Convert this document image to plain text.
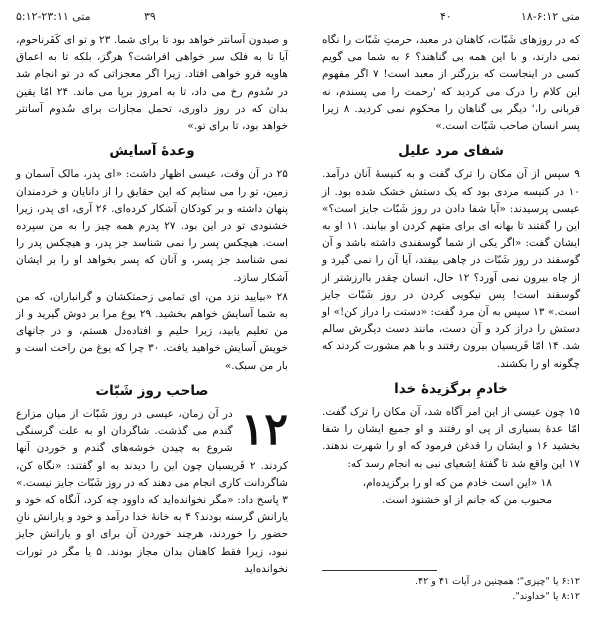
متی ۶:۱۲-۱۸
۴۰
۳۹
متی ۲۳:۱۱-۵:۱۲

که در روزهای شَبّات، کاهنان در معبد، حرمتِ شَبّات را نگاه نمی دارند، و با این همه بی گناهند؟ ۶ به شما می گویم کسی در اینجاست که بزرگتر از معبد است! ۷ اگر مفهوم این کلام را درک می کردید که 'رحمت را می پسندم، نه قربانی را،' دیگر بی گناهان را محکوم نمی کردید. ۸ زیرا پسر انسان صاحب شَبّات است.»

شفای مرد علیل

۹ سپس از آن مکان را ترک گفت و به کنیسهٔ آنان درآمد. ۱۰ در کنیسه مردی بود که یک دستش خشک شده بود. از عیسی پرسیدند: «آیا شفا دادن در روز شَبّات جایز است؟» این را گفتند تا بهانه ای برای متهم کردن او بیابند. ۱۱ او به ایشان گفت: «اگر یکی از شما گوسفندی داشته باشد و آن گوسفند در روز شَبّات در چاهی بیفتد، آیا آن را نمی گیرد و از چاه بیرون نمی آورد؟ ۱۲ حال، انسان چقدر باارزشتر از گوسفند است! پس نیکویی کردن در روز شَبّات جایز است.» ۱۳ سپس به آن مرد گفت: «دستت را دراز کن!» او دستش را دراز کرد و آن دست، مانند دست دیگرش سالم شد. ۱۴ امّا فَریسیان بیرون رفتند و با هم مشورت کردند که چگونه او را بکشند.

خادمِ برگزیدهٔ خدا

۱۵ چون عیسی از این امر آگاه شد، آن مکان را ترک گفت. امّا عدهٔ بسیاری از پی او رفتند و او جمیع ایشان را شفا بخشید ۱۶ و ایشان را قدغن فرمود که او را شهرت ندهند. ۱۷ این واقع شد تا گفتهٔ اِشعیای نبی به انجام رسد که:

۱۸ «این است خادم من که او را برگزیده‌ام،
محبوب من که جانم از او خشنود است.
۶:۱۲ یا "چیزی"؛ همچنین در آیات ۴۱ و ۴۲.
۸:۱۲ یا "خداوند".

و صیدون آسانتر خواهد بود تا برای شما. ۲۳ و تو ای کَفَرناحوم، آیا تا به فلک سر خواهی افراشت؟ هرگز، بلکه تا به اعماق هاویه فرو خواهی افتاد. زیرا اگر معجزاتی که در تو انجام شد در سُدوم رخ می داد، تا به امروز برپا می ماند. ۲۴ امّا یقین بدان که در روز داوری، تحمل مجازات برای سُدوم آسانتر خواهد بود، تا برای تو.»

وعدهٔ آسایش

۲۵ در آن وقت، عیسی اظهار داشت: «ای پدر، مالک آسمان و زمین، تو را می ستایم که این حقایق را از دانایان و خردمندان پنهان داشته و بر کودکان آشکار کرده‌ای. ۲۶ آری، ای پدر، زیرا خشنودی تو در این بود. ۲۷ پدرم همه چیز را به من سپرده است. هیچکس پسر را نمی شناسد جز پدر، و هیچکس پدر را نمی شناسد جز پسر، و آنان که پسر بخواهد او را بر ایشان آشکار سازد.

۲۸ «بیایید نزد من، ای تمامی زحمتکشان و گرانباران، که من به شما آسایش خواهم بخشید. ۲۹ یوغ مرا بر دوش گیرید و از من تعلیم یابید، زیرا حلیم و افتاده‌دل هستم، و در جانهای خویش آسایش خواهید یافت. ۳۰ چرا که یوغ من راحت است و بار من سبک.»

صاحب روز شَبّات
۱۲

در آن زمان، عیسی در روز شَبّات از میان مزارع گندم می گذشت. شاگردان او به علت گرسنگی شروع به چیدن خوشه‌های گندم و خوردن آنها کردند. ۲ فَریسیان چون این را دیدند به او گفتند: «نگاه کن، شاگردانت کاری انجام می دهند که در روز شَبّات جایز نیست.» ۳ پاسخ داد: «مگر نخوانده‌اید که داوود چه کرد، آنگاه که خود و یارانش گرسنه بودند؟ ۴ به خانهٔ خدا درآمد و خود و یارانش نانِ حضور را خوردند، هرچند خوردن آن برای او و یارانش جایز نبود، زیرا فقط کاهنان بدان مجاز بودند. ۵ یا مگر در تورات نخوانده‌اید
